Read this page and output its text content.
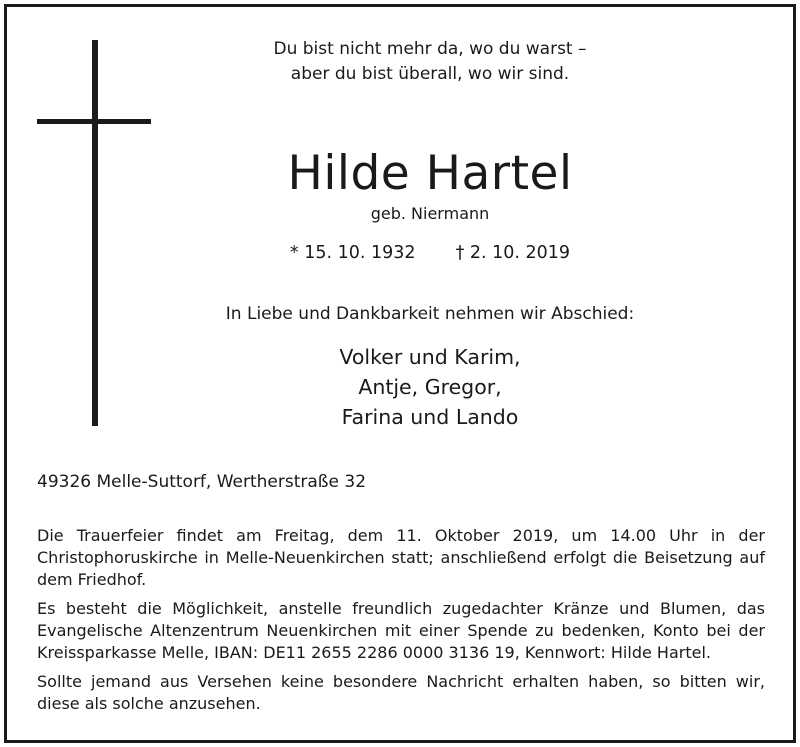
Du bist nicht mehr da, wo du warst –
aber du bist überall, wo wir sind.
Hilde Hartel
geb. Niermann
* 15. 10. 1932 † 2. 10. 2019
In Liebe und Dankbarkeit nehmen wir Abschied:
Volker und Karim,
Antje, Gregor,
Farina und Lando
49326 Melle-Suttorf, Wertherstraße 32
Die Trauerfeier findet am Freitag, dem 11. Oktober 2019, um 14.00 Uhr in der Christophoruskirche in Melle-Neuenkirchen statt; anschließend erfolgt die Beisetzung auf dem Friedhof.
Es besteht die Möglichkeit, anstelle freundlich zugedachter Kränze und Blumen, das Evangelische Altenzentrum Neuenkirchen mit einer Spende zu bedenken, Konto bei der Kreissparkasse Melle, IBAN: DE11 2655 2286 0000 3136 19, Kennwort: Hilde Hartel.
Sollte jemand aus Versehen keine besondere Nachricht erhalten haben, so bitten wir, diese als solche anzusehen.
